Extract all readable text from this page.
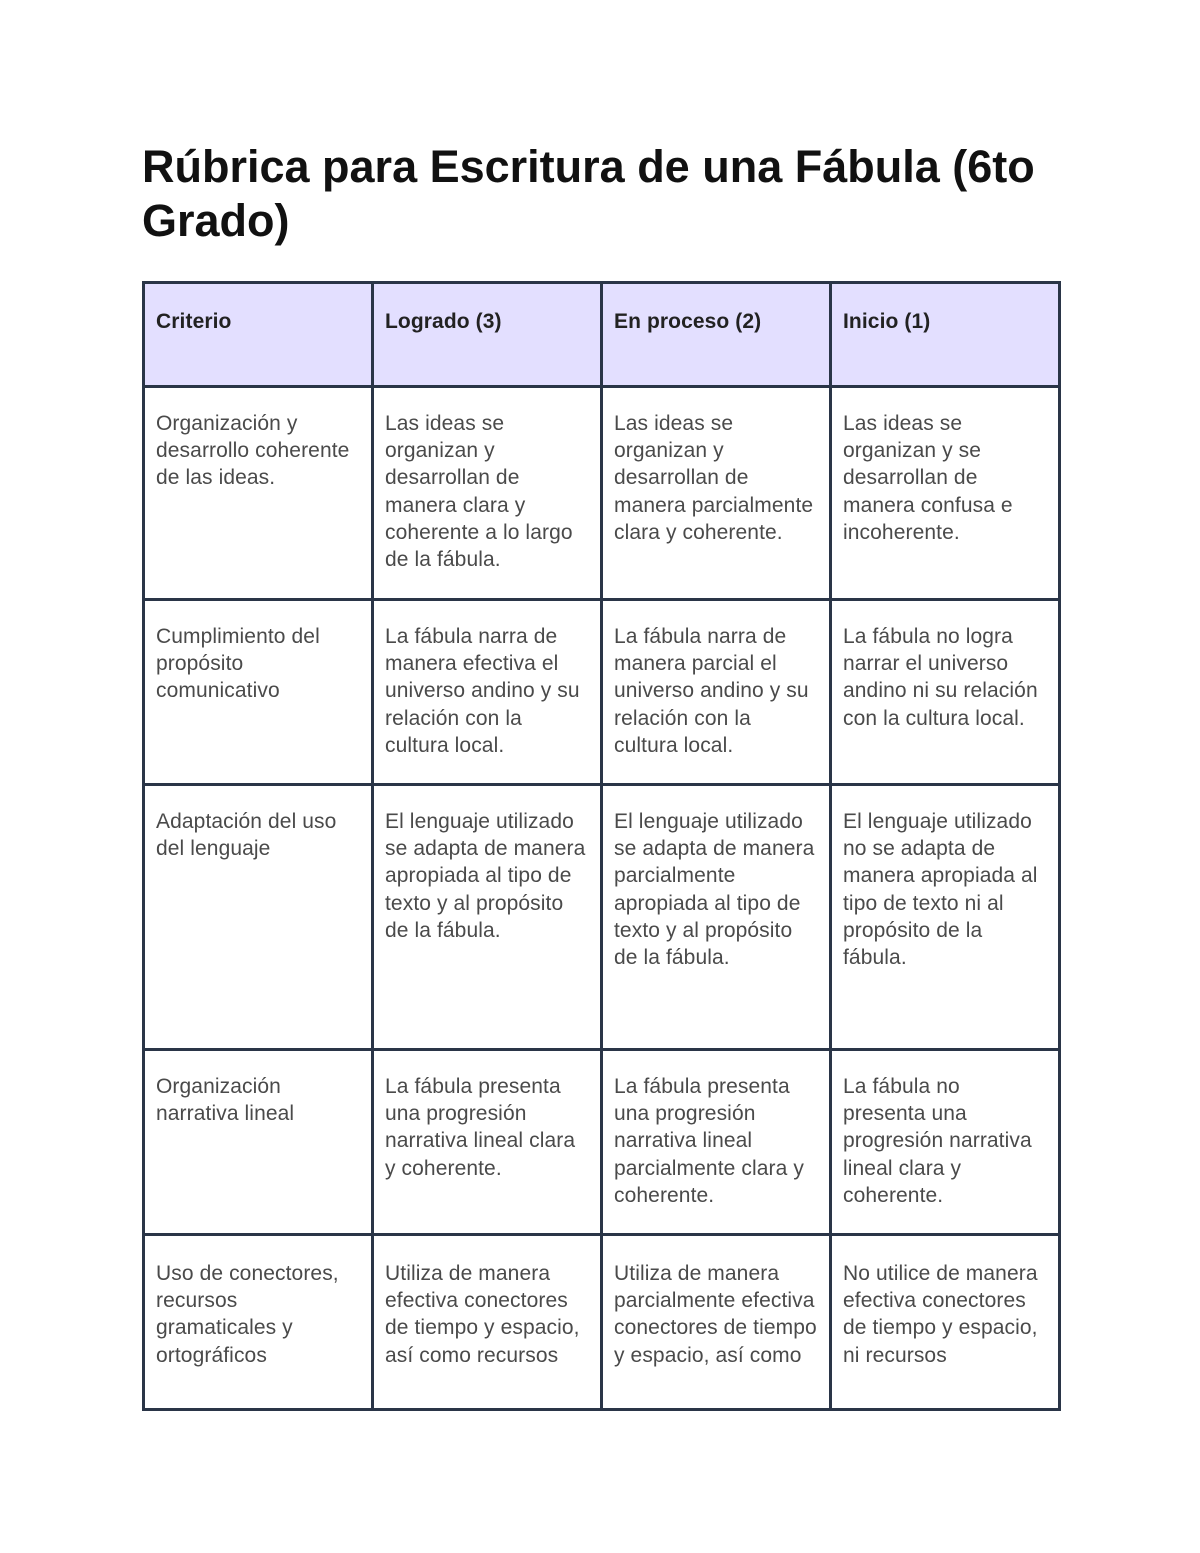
Rúbrica para Escritura de una Fábula (6to Grado)
Criterio	Logrado (3)	En proceso (2)	Inicio (1)
Organización y desarrollo coherente de las ideas.	Las ideas se organizan y desarrollan de manera clara y coherente a lo largo de la fábula.	Las ideas se organizan y desarrollan de manera parcialmente clara y coherente.	Las ideas se organizan y se desarrollan de manera confusa e incoherente.
Cumplimiento del propósito comunicativo	La fábula narra de manera efectiva el universo andino y su relación con la cultura local.	La fábula narra de manera parcial el universo andino y su relación con la cultura local.	La fábula no logra narrar el universo andino ni su relación con la cultura local.
Adaptación del uso del lenguaje	El lenguaje utilizado se adapta de manera apropiada al tipo de texto y al propósito de la fábula.	El lenguaje utilizado se adapta de manera parcialmente apropiada al tipo de texto y al propósito de la fábula.	El lenguaje utilizado no se adapta de manera apropiada al tipo de texto ni al propósito de la fábula.
Organización narrativa lineal	La fábula presenta una progresión narrativa lineal clara y coherente.	La fábula presenta una progresión narrativa lineal parcialmente clara y coherente.	La fábula no presenta una progresión narrativa lineal clara y coherente.
Uso de conectores, recursos gramaticales y ortográficos	Utiliza de manera efectiva conectores de tiempo y espacio, así como recursos	Utiliza de manera parcialmente efectiva conectores de tiempo y espacio, así como	No utilice de manera efectiva conectores de tiempo y espacio, ni recursos
